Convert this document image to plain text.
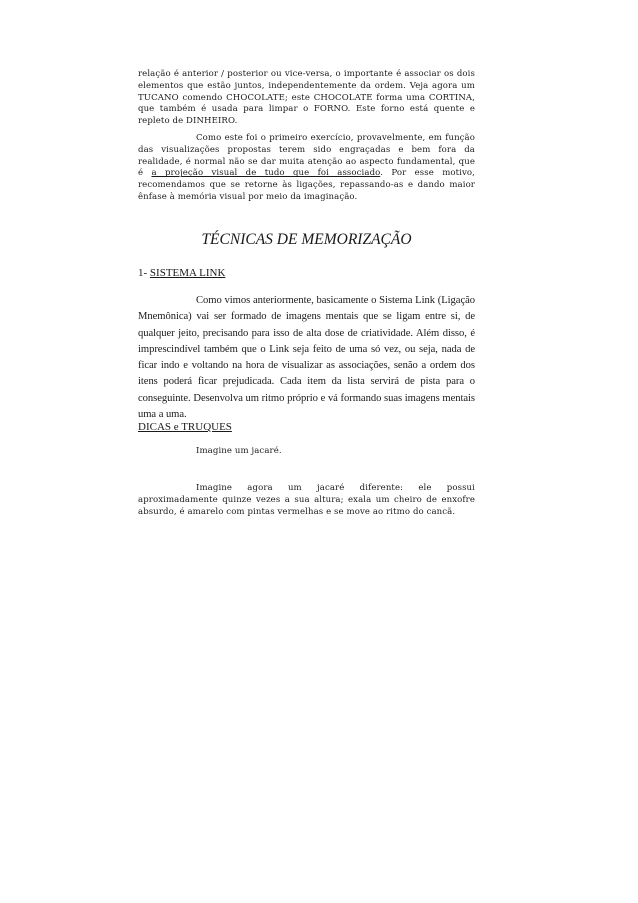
relação é anterior / posterior ou vice-versa, o importante é associar os dois elementos que estão juntos, independentemente da ordem. Veja agora um TUCANO comendo CHOCOLATE; este CHOCOLATE forma uma CORTINA, que também é usada para limpar o FORNO. Este forno está quente e repleto de DINHEIRO.

Como este foi o primeiro exercício, provavelmente, em função das visualizações propostas terem sido engraçadas e bem fora da realidade, é normal não se dar muita atenção ao aspecto fundamental, que é a projeção visual de tudo que foi associado. Por esse motivo, recomendamos que se retorne às ligações, repassando-as e dando maior ênfase à memória visual por meio da imaginação.

TÉCNICAS DE MEMORIZAÇÃO
1- SISTEMA LINK

Como vimos anteriormente, basicamente o Sistema Link (Ligação Mnemônica) vai ser formado de imagens mentais que se ligam entre si, de qualquer jeito, precisando para isso de alta dose de criatividade. Além disso, é imprescindível também que o Link seja feito de uma só vez, ou seja, nada de ficar indo e voltando na hora de visualizar as associações, senão a ordem dos itens poderá ficar prejudicada. Cada item da lista servirá de pista para o conseguinte. Desenvolva um ritmo próprio e vá formando suas imagens mentais uma a uma.

DICAS e TRUQUES

Imagine um jacaré.

Imagine agora um jacaré diferente: ele possui aproximadamente quinze vezes a sua altura; exala um cheiro de enxofre absurdo, é amarelo com pintas vermelhas e se move ao ritmo do cancã.
